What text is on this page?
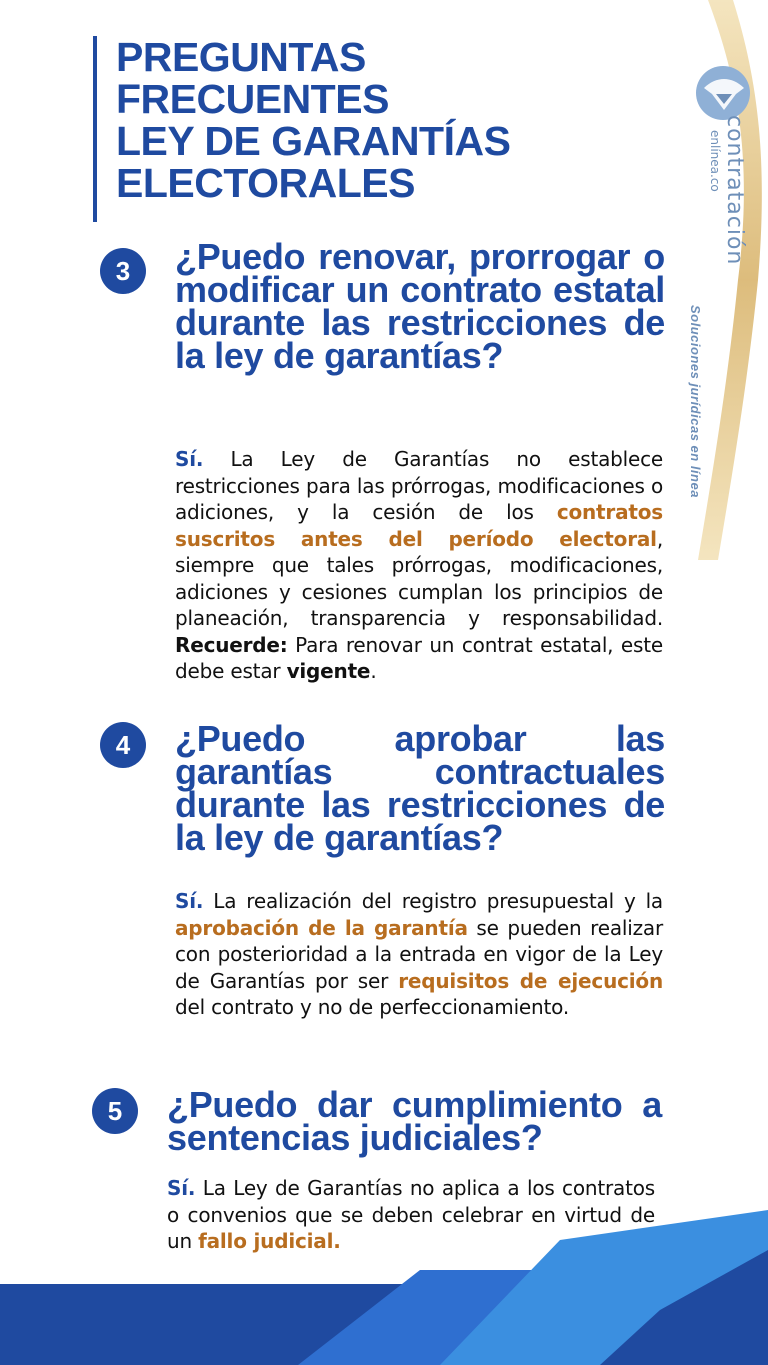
PREGUNTAS
FRECUENTES
LEY DE GARANTÍAS
ELECTORALES	contratación
enlínea.co
Soluciones jurídicas en línea
3	¿Puedo renovar, prorrogar o modificar un contrato estatal durante las restricciones de la ley de garantías?
Sí. La Ley de Garantías no establece restricciones para las prórrogas, modificaciones o adiciones, y la cesión de los contratos suscritos antes del período electoral, siempre que tales prórrogas, modificaciones, adiciones y cesiones cumplan los principios de planeación, transparencia y responsabilidad. Recuerde: Para renovar un contrat estatal, este debe estar vigente.
4	¿Puedo aprobar las garantías contractuales durante las restricciones de la ley de garantías?
Sí. La realización del registro presupuestal y la aprobación de la garantía se pueden realizar con posterioridad a la entrada en vigor de la Ley de Garantías por ser requisitos de ejecución del contrato y no de perfeccionamiento.
5	¿Puedo dar cumplimiento a sentencias judiciales?
Sí. La Ley de Garantías no aplica a los contratos o convenios que se deben celebrar en virtud de un fallo judicial.
